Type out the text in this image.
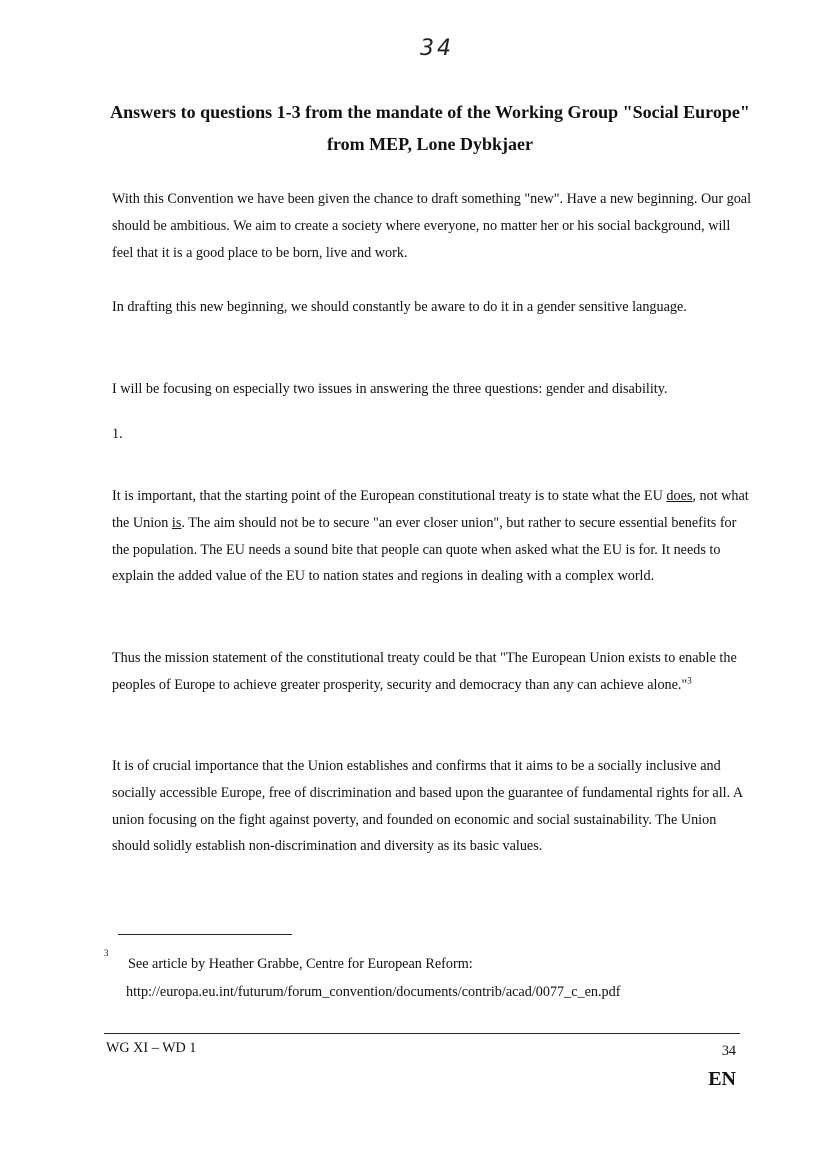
34
Answers to questions 1-3 from the mandate of the Working Group "Social Europe" from MEP, Lone Dybkjaer

With this Convention we have been given the chance to draft something "new". Have a new beginning. Our goal should be ambitious. We aim to create a society where everyone, no matter her or his social background, will feel that it is a good place to be born, live and work.

In drafting this new beginning, we should constantly be aware to do it in a gender sensitive language.

I will be focusing on especially two issues in answering the three questions: gender and disability.

1.

It is important, that the starting point of the European constitutional treaty is to state what the EU does, not what the Union is. The aim should not be to secure "an ever closer union", but rather to secure essential benefits for the population. The EU needs a sound bite that people can quote when asked what the EU is for. It needs to explain the added value of the EU to nation states and regions in dealing with a complex world.

Thus the mission statement of the constitutional treaty could be that "The European Union exists to enable the peoples of Europe to achieve greater prosperity, security and democracy than any can achieve alone."$^3$

It is of crucial importance that the Union establishes and confirms that it aims to be a socially inclusive and socially accessible Europe, free of discrimination and based upon the guarantee of fundamental rights for all. A union focusing on the fight against poverty, and founded on economic and social sustainability. The Union should solidly establish non-discrimination and diversity as its basic values.

3
See article by Heather Grabbe, Centre for European Reform:
http://europa.eu.int/futurum/forum_convention/documents/contrib/acad/0077_c_en.pdf
WG XI – WD 1	34
EN
